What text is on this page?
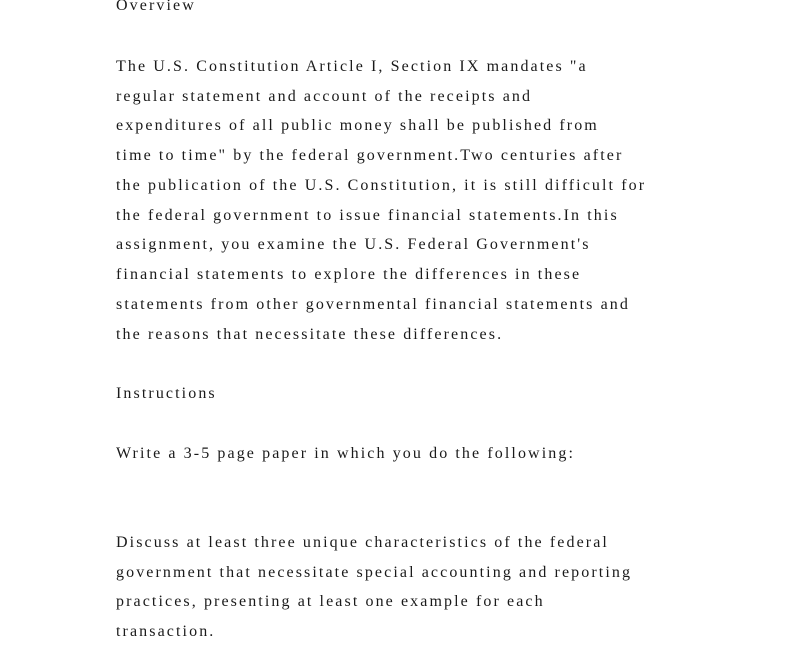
Overview
The U.S. Constitution Article I, Section IX mandates "a
regular statement and account of the receipts and
expenditures of all public money shall be published from
time to time" by the federal government.Two centuries after
the publication of the U.S. Constitution, it is still difficult for
the federal government to issue financial statements.In this
assignment, you examine the U.S. Federal Government's
financial statements to explore the differences in these
statements from other governmental financial statements and
the reasons that necessitate these differences.
Instructions
Write a 3-5 page paper in which you do the following:
Discuss at least three unique characteristics of the federal
government that necessitate special accounting and reporting
practices, presenting at least one example for each
transaction.
